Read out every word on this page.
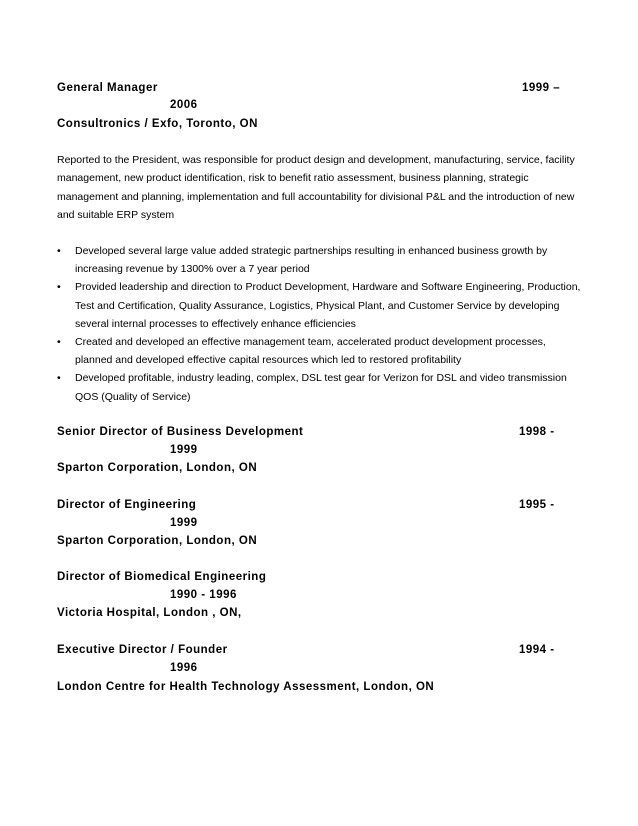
General Manager	1999 –
2006
Consultronics / Exfo, Toronto, ON
Reported to the President, was responsible for product design and development, manufacturing, service, facility management, new product identification, risk to benefit ratio assessment, business planning, strategic management and planning, implementation and full accountability for divisional P&L and the introduction of new and suitable ERP system
• Developed several large value added strategic partnerships resulting in enhanced business growth by increasing revenue by 1300% over a 7 year period
• Provided leadership and direction to Product Development, Hardware and Software Engineering, Production, Test and Certification, Quality Assurance, Logistics, Physical Plant, and Customer Service by developing several internal processes to effectively enhance efficiencies
• Created and developed an effective management team, accelerated product development processes, planned and developed effective capital resources which led to restored profitability
• Developed profitable, industry leading, complex, DSL test gear for Verizon for DSL and video transmission QOS (Quality of Service)
Senior Director of Business Development	1998 -
1999
Sparton Corporation, London, ON
Director of Engineering	1995 -
1999
Sparton Corporation, London, ON
Director of Biomedical Engineering
1990 - 1996
Victoria Hospital, London , ON,
Executive Director / Founder	1994 -
1996
London Centre for Health Technology Assessment, London, ON
